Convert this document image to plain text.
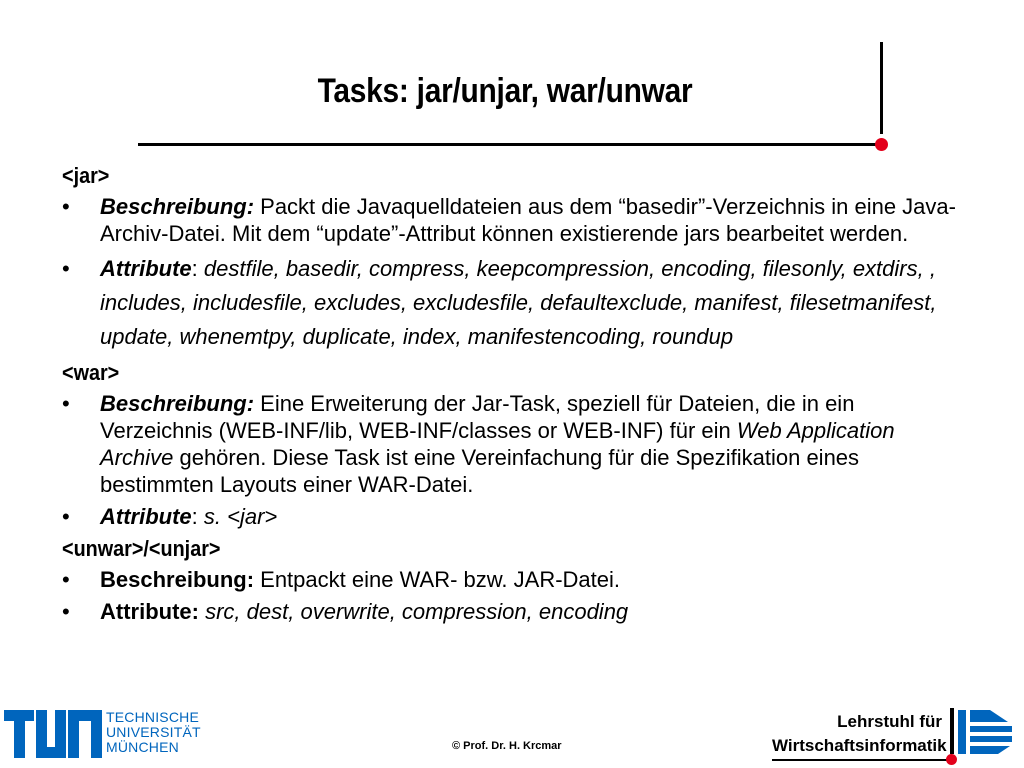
Tasks: jar/unjar, war/unwar
<jar>
• Beschreibung: Packt die Javaquelldateien aus dem “basedir”-Verzeichnis in eine Java-Archiv-Datei. Mit dem “update”-Attribut können existierende jars bearbeitet werden.
• Attribute: destfile, basedir, compress, keepcompression, encoding, filesonly, extdirs, , includes, includesfile, excludes, excludesfile, defaultexclude, manifest, filesetmanifest, update, whenemtpy, duplicate, index, manifestencoding, roundup
<war>
• Beschreibung: Eine Erweiterung der Jar-Task, speziell für Dateien, die in ein Verzeichnis (WEB-INF/lib, WEB-INF/classes or WEB-INF) für ein Web Application Archive gehören. Diese Task ist eine Vereinfachung für die Spezifikation eines bestimmten Layouts einer WAR-Datei.
• Attribute: s. <jar>
<unwar>/<unjar>
• Beschreibung: Entpackt eine WAR- bzw. JAR-Datei.
• Attribute: src, dest, overwrite, compression, encoding
TECHNISCHE
UNIVERSITÄT
MÜNCHEN	© Prof. Dr. H. Krcmar
Lehrstuhl für
Wirtschaftsinformatik
